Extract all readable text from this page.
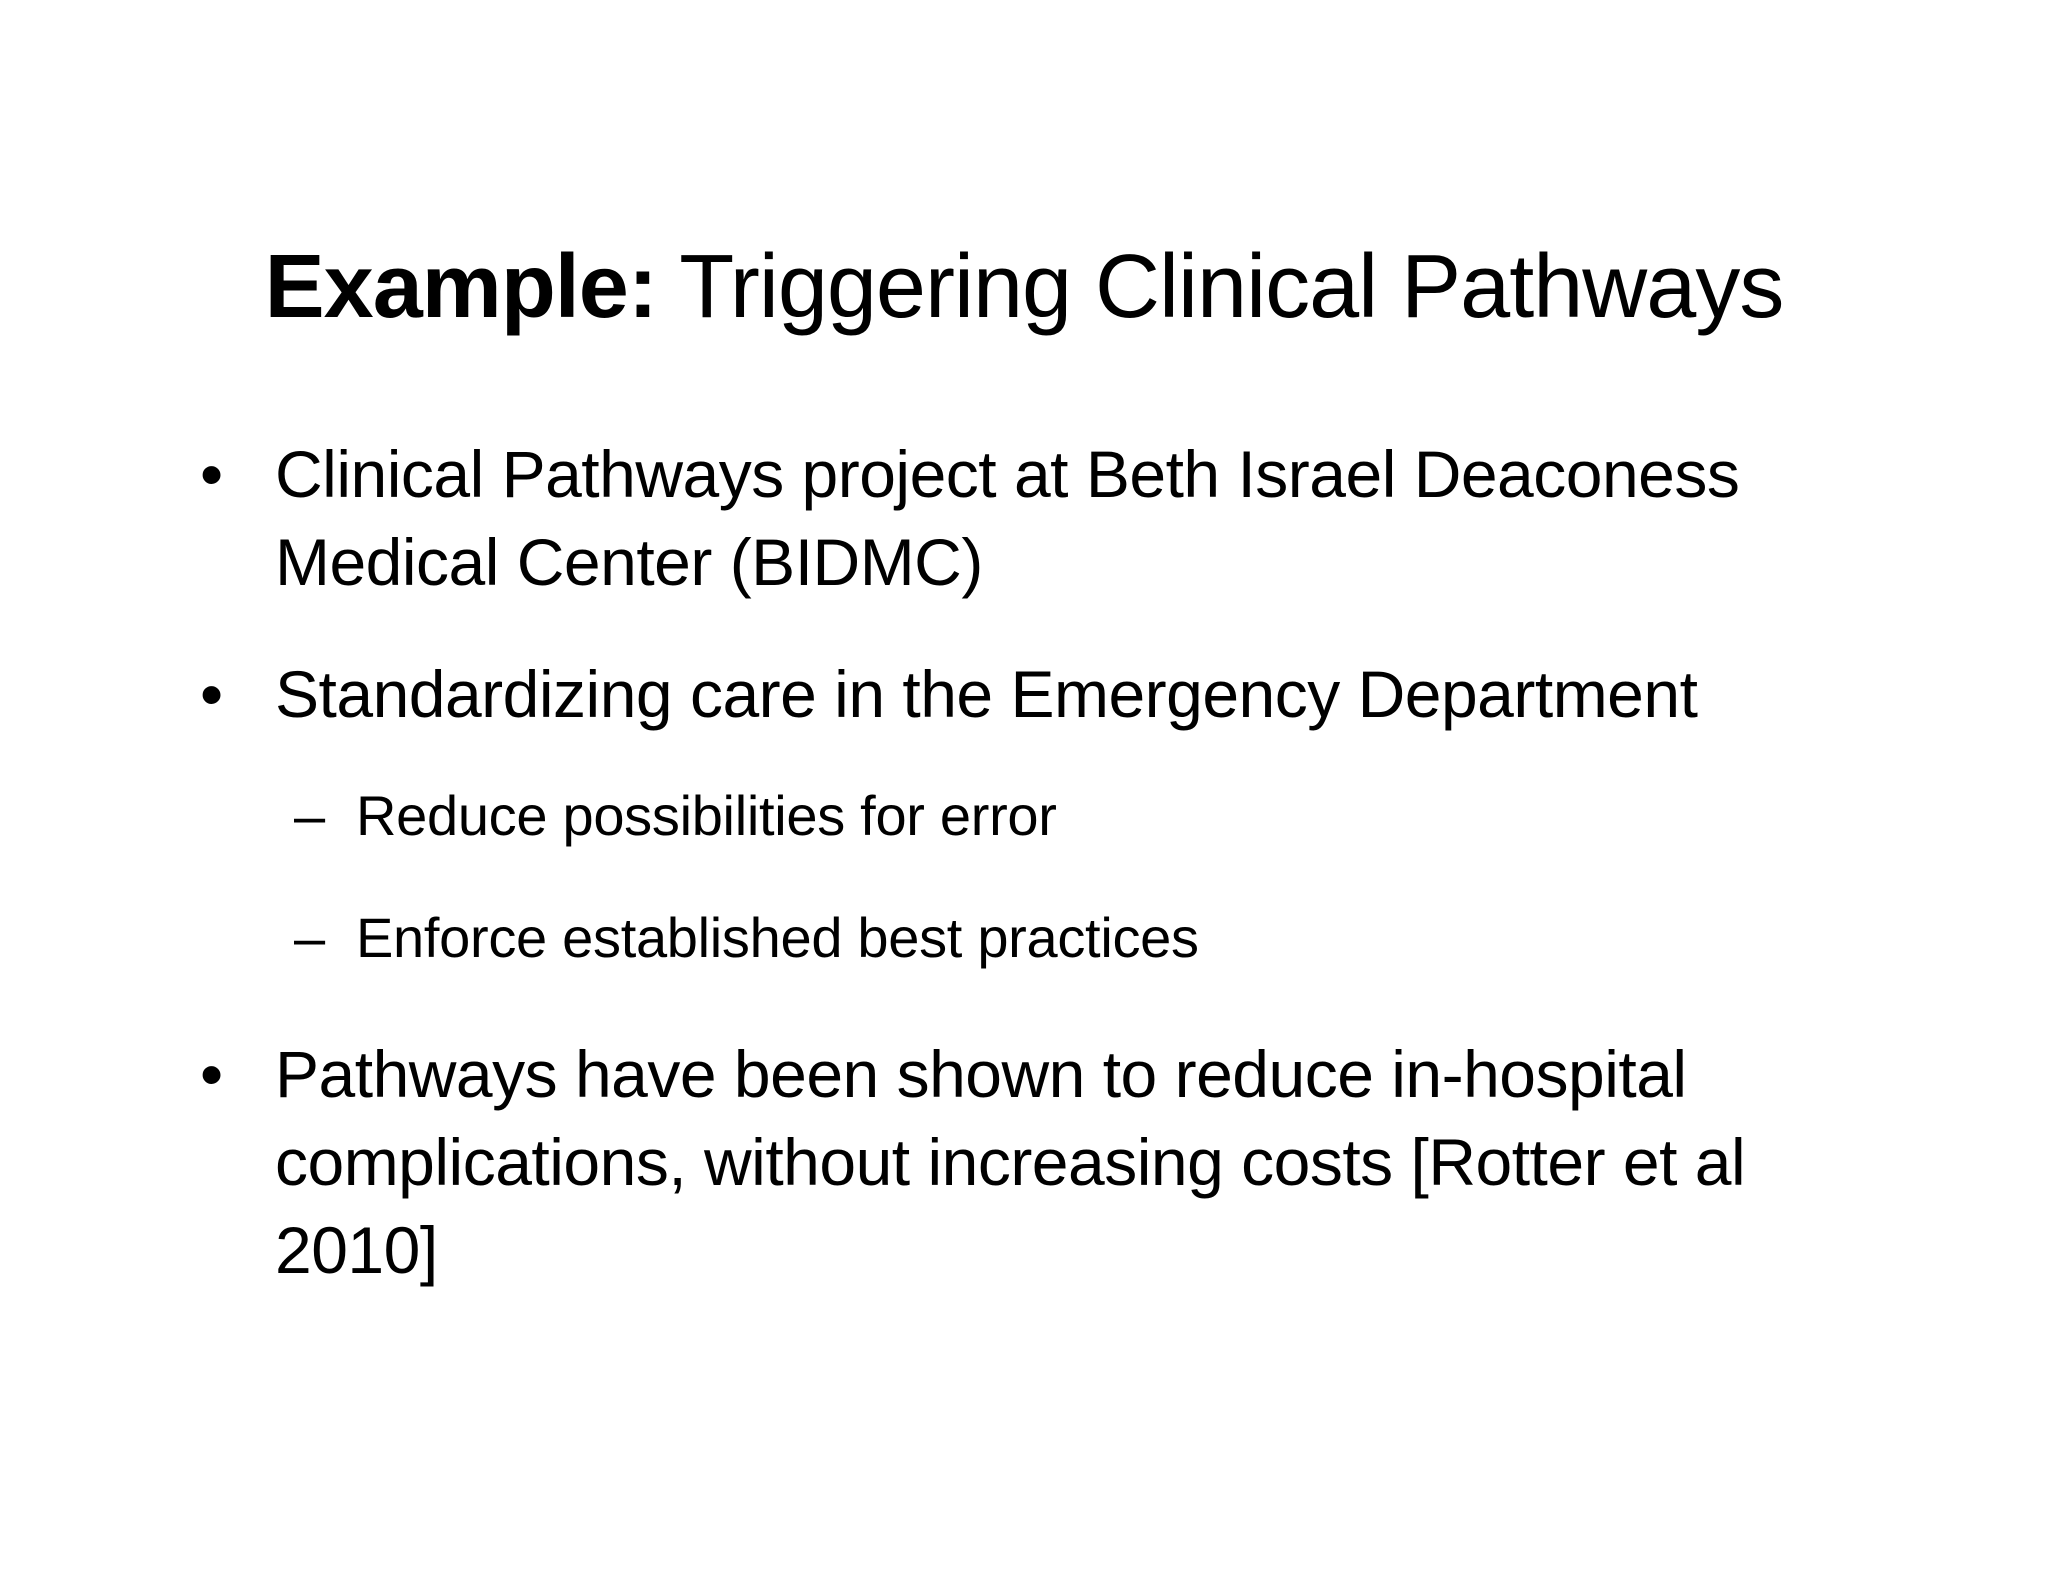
Example: Triggering Clinical Pathways
• Clinical Pathways project at Beth Israel Deaconess Medical Center (BIDMC)
• Standardizing care in the Emergency Department
– Reduce possibilities for error
– Enforce established best practices
• Pathways have been shown to reduce in-hospital complications, without increasing costs [Rotter et al 2010]
